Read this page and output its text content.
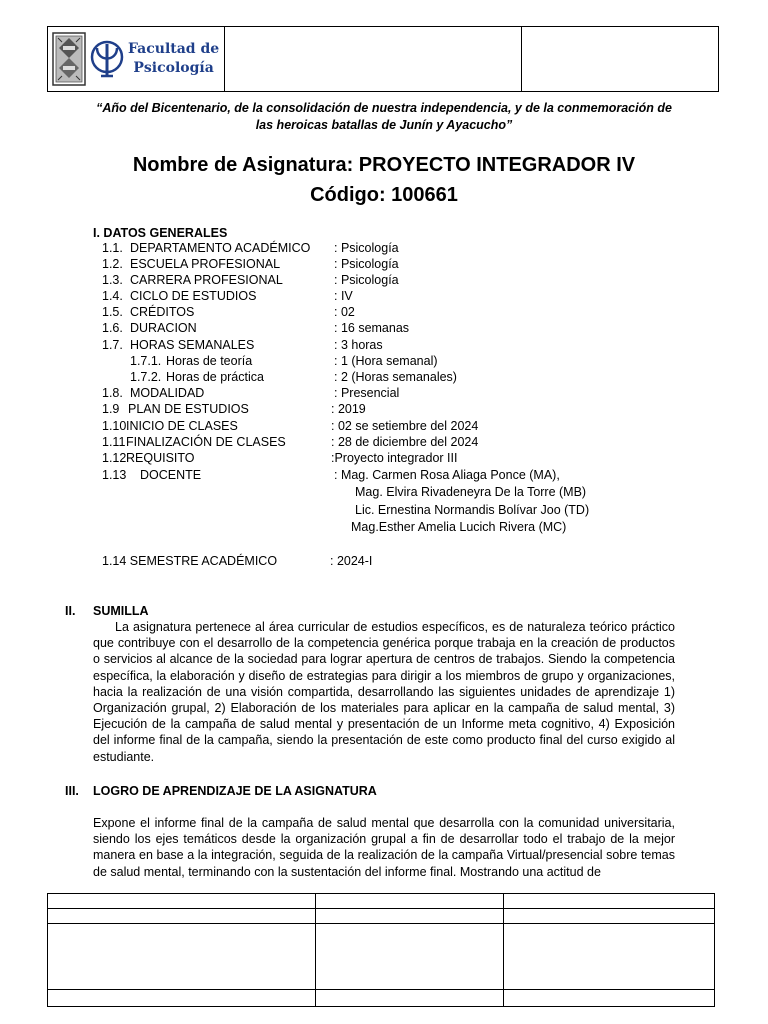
Facultad de
Psicología
“Año del Bicentenario, de la consolidación de nuestra independencia, y de la conmemoración de
las heroicas batallas de Junín y Ayacucho”
Nombre de Asignatura: PROYECTO INTEGRADOR IV
Código: 100661
I. DATOS GENERALES
1.1. DEPARTAMENTO ACADÉMICO : Psicología
1.2. ESCUELA PROFESIONAL	: Psicología
1.3. CARRERA PROFESIONAL	: Psicología
1.4. CICLO DE ESTUDIOS	: IV
1.5. CRÉDITOS	: 02
1.6. DURACION	: 16 semanas
1.7. HORAS SEMANALES	: 3 horas
1.7.1. Horas de teoría	: 1 (Hora semanal)
1.7.2. Horas de práctica	: 2 (Horas semanales)
1.8. MODALIDAD	: Presencial
1.9 PLAN DE ESTUDIOS	: 2019
1.10 INICIO DE CLASES	: 02 se setiembre del 2024
1.11 FINALIZACIÓN DE CLASES	: 28 de diciembre del 2024
1.12 REQUISITO	:Proyecto integrador III
1.13 DOCENTE	: Mag. Carmen Rosa Aliaga Ponce (MA),
Mag. Elvira Rivadeneyra De la Torre (MB)
Lic. Ernestina Normandis Bolívar Joo (TD)
Mag.Esther Amelia Lucich Rivera (MC)
1.14 SEMESTRE ACADÉMICO	: 2024-I
II. SUMILLA
La asignatura pertenece al área curricular de estudios específicos, es de naturaleza teórico práctico que contribuye con el desarrollo de la competencia genérica porque trabaja en la creación de productos o servicios al alcance de la sociedad para lograr apertura de centros de trabajos. Siendo la competencia específica, la elaboración y diseño de estrategias para dirigir a los miembros de grupo y organizaciones, hacia la realización de una visión compartida, desarrollando las siguientes unidades de aprendizaje 1) Organización grupal, 2) Elaboración de los materiales para aplicar en la campaña de salud mental, 3) Ejecución de la campaña de salud mental y presentación de un Informe meta cognitivo, 4) Exposición del informe final de la campaña, siendo la presentación de este como producto final del curso exigido al estudiante.
III. LOGRO DE APRENDIZAJE DE LA ASIGNATURA
Expone el informe final de la campaña de salud mental que desarrolla con la comunidad universitaria, siendo los ejes temáticos desde la organización grupal a fin de desarrollar todo el trabajo de la mejor manera en base a la integración, seguida de la realización de la campaña Virtual/presencial sobre temas de salud mental, terminando con la sustentación del informe final. Mostrando una actitud de
